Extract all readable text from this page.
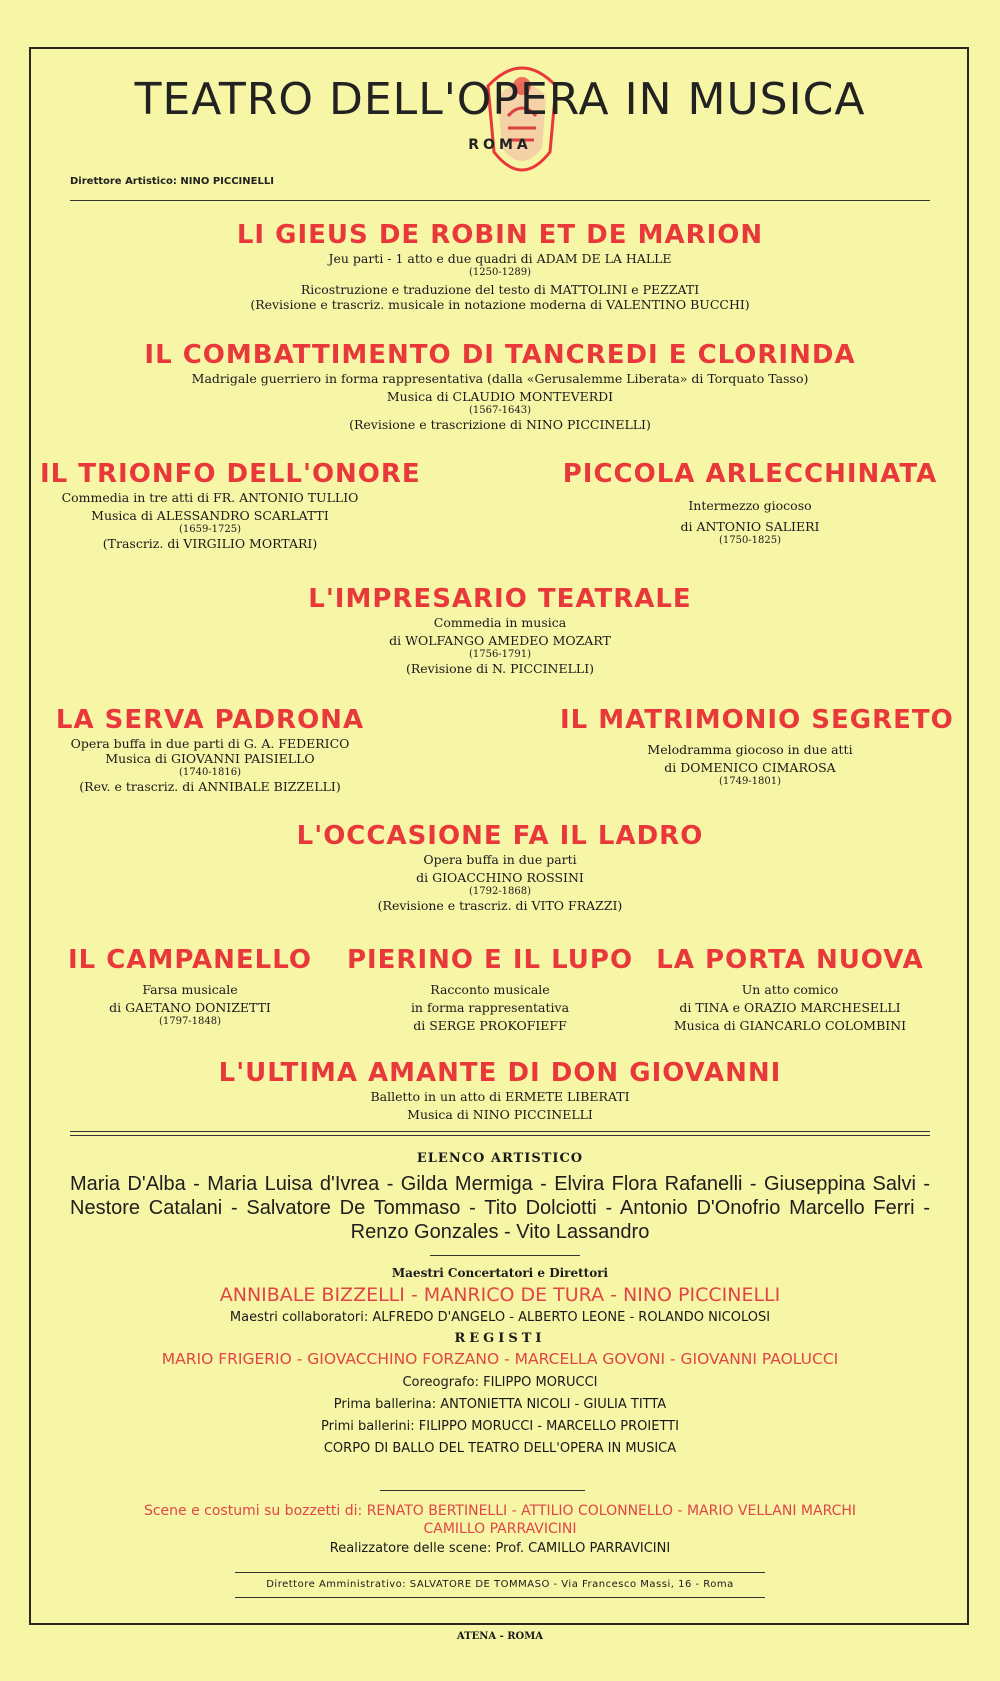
TEATRO DELL'OPERA IN MUSICA
ROMA
Direttore Artistico: NINO PICCINELLI
LI GIEUS DE ROBIN ET DE MARION
Jeu parti - 1 atto e due quadri di ADAM DE LA HALLE
(1250-1289)
Ricostruzione e traduzione del testo di MATTOLINI e PEZZATI
(Revisione e trascriz. musicale in notazione moderna di VALENTINO BUCCHI)
IL COMBATTIMENTO DI TANCREDI E CLORINDA
Madrigale guerriero in forma rappresentativa (dalla «Gerusalemme Liberata» di Torquato Tasso)
Musica di CLAUDIO MONTEVERDI
(1567-1643)
(Revisione e trascrizione di NINO PICCINELLI)
IL TRIONFO DELL'ONORE
Commedia in tre atti di FR. ANTONIO TULLIO
Musica di ALESSANDRO SCARLATTI
(1659-1725)
(Trascriz. di VIRGILIO MORTARI)
PICCOLA ARLECCHINATA
Intermezzo giocoso
di ANTONIO SALIERI
(1750-1825)
L'IMPRESARIO TEATRALE
Commedia in musica
di WOLFANGO AMEDEO MOZART
(1756-1791)
(Revisione di N. PICCINELLI)
LA SERVA PADRONA
Opera buffa in due parti di G. A. FEDERICO
Musica di GIOVANNI PAISIELLO
(1740-1816)
(Rev. e trascriz. di ANNIBALE BIZZELLI)
IL MATRIMONIO SEGRETO
Melodramma giocoso in due atti
di DOMENICO CIMAROSA
(1749-1801)
L'OCCASIONE FA IL LADRO
Opera buffa in due parti
di GIOACCHINO ROSSINI
(1792-1868)
(Revisione e trascriz. di VITO FRAZZI)
IL CAMPANELLO
Farsa musicale
di GAETANO DONIZETTI
(1797-1848)
PIERINO E IL LUPO
Racconto musicale
in forma rappresentativa
di SERGE PROKOFIEFF
LA PORTA NUOVA
Un atto comico
di TINA e ORAZIO MARCHESELLI
Musica di GIANCARLO COLOMBINI
L'ULTIMA AMANTE DI DON GIOVANNI
Balletto in un atto di ERMETE LIBERATI
Musica di NINO PICCINELLI
ELENCO ARTISTICO
Maria D'Alba - Maria Luisa d'Ivrea - Gilda Mermiga - Elvira Flora Rafanelli - Giuseppina Salvi - Nestore Catalani - Salvatore De Tommaso - Tito Dolciotti - Antonio D'Onofrio Marcello Ferri - Renzo Gonzales - Vito Lassandro
Maestri Concertatori e Direttori
ANNIBALE BIZZELLI - MANRICO DE TURA - NINO PICCINELLI
Maestri collaboratori: ALFREDO D'ANGELO - ALBERTO LEONE - ROLANDO NICOLOSI
REGISTI
MARIO FRIGERIO - GIOVACCHINO FORZANO - MARCELLA GOVONI - GIOVANNI PAOLUCCI
Coreografo: FILIPPO MORUCCI
Prima ballerina: ANTONIETTA NICOLI - GIULIA TITTA
Primi ballerini: FILIPPO MORUCCI - MARCELLO PROIETTI
CORPO DI BALLO DEL TEATRO DELL'OPERA IN MUSICA
Scene e costumi su bozzetti di: RENATO BERTINELLI - ATTILIO COLONNELLO - MARIO VELLANI MARCHI
CAMILLO PARRAVICINI
Realizzatore delle scene: Prof. CAMILLO PARRAVICINI
Direttore Amministrativo: SALVATORE DE TOMMASO - Via Francesco Massi, 16 - Roma
ATENA - ROMA
